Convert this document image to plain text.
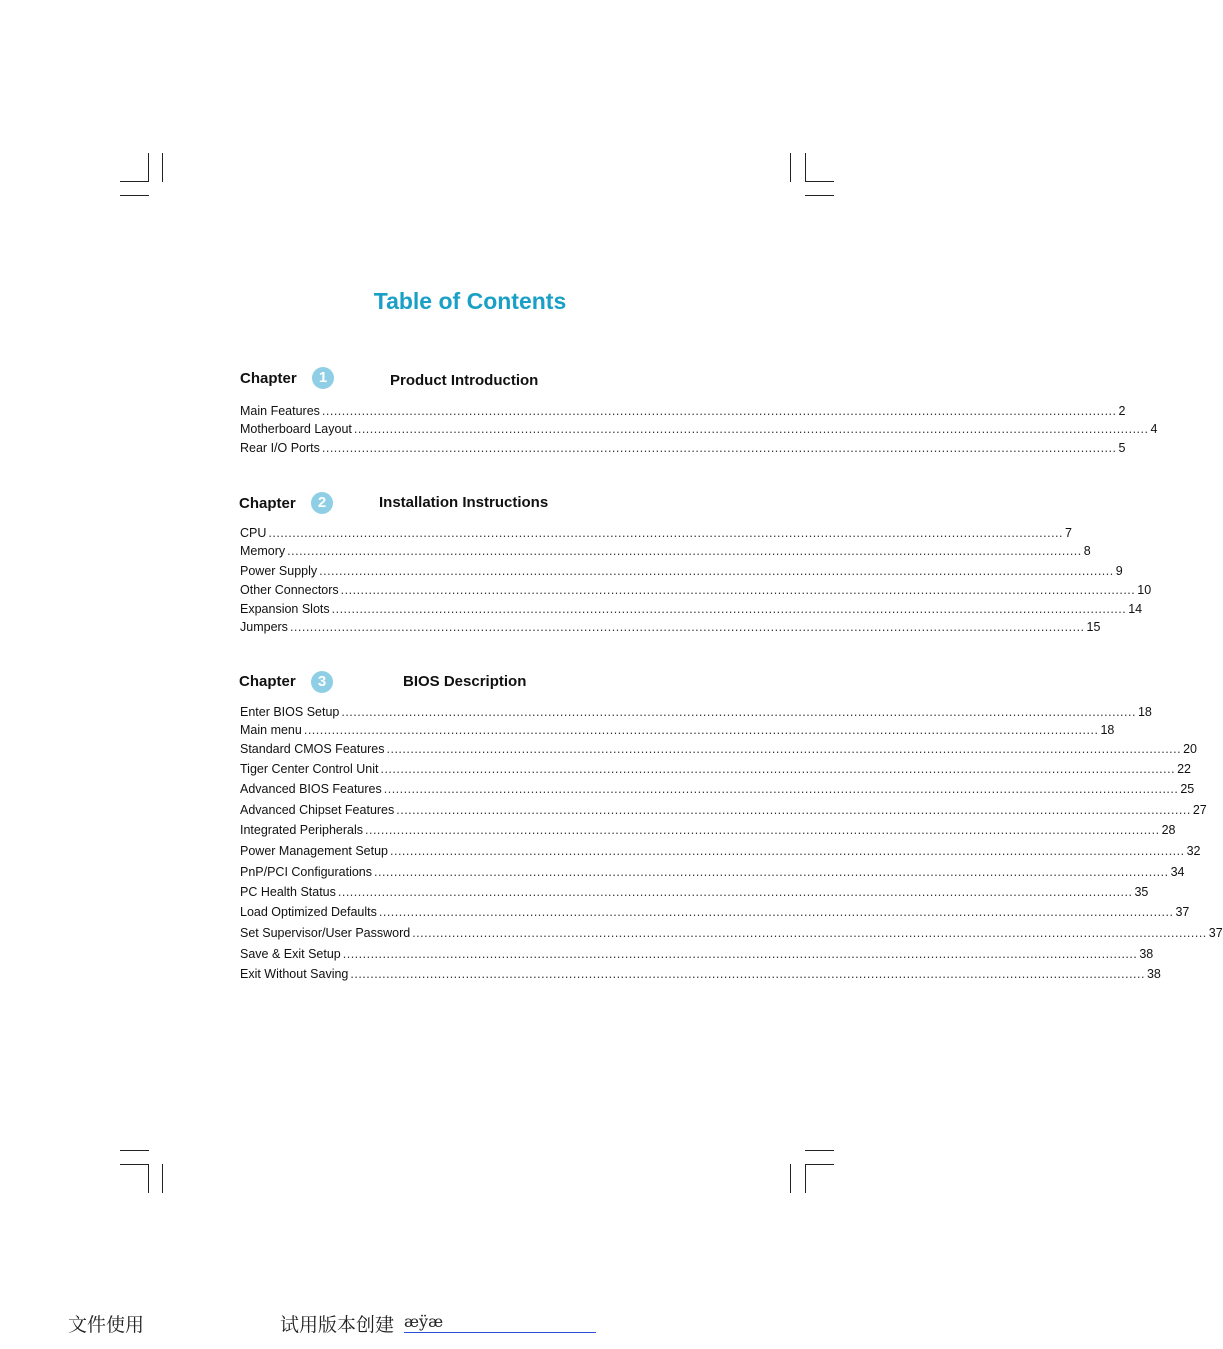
Table of Contents
Chapter	1	Product Introduction
Main Features ........................................................................................................................................................................................................ 2
Motherboard Layout ........................................................................................................................................................................................................ 4
Rear I/O Ports ........................................................................................................................................................................................................ 5
Chapter	2	Installation Instructions
CPU ........................................................................................................................................................................................................ 7
Memory ........................................................................................................................................................................................................ 8
Power Supply ........................................................................................................................................................................................................ 9
Other Connectors ........................................................................................................................................................................................................ 10
Expansion Slots ........................................................................................................................................................................................................ 14
Jumpers ........................................................................................................................................................................................................ 15
Chapter	3	BIOS Description
Enter BIOS Setup ........................................................................................................................................................................................................ 18
Main menu ........................................................................................................................................................................................................ 18
Standard CMOS Features ........................................................................................................................................................................................................ 20
Tiger Center Control Unit ........................................................................................................................................................................................................ 22
Advanced BIOS Features ........................................................................................................................................................................................................ 25
Advanced Chipset Features ........................................................................................................................................................................................................ 27
Integrated Peripherals ........................................................................................................................................................................................................ 28
Power Management Setup ........................................................................................................................................................................................................ 32
PnP/PCI Configurations ........................................................................................................................................................................................................ 34
PC Health Status ........................................................................................................................................................................................................ 35
Load Optimized Defaults ........................................................................................................................................................................................................ 37
Set Supervisor/User Password ........................................................................................................................................................................................................ 37
Save & Exit Setup ........................................................................................................................................................................................................ 38
Exit Without Saving ........................................................................................................................................................................................................ 38
文件使用	试用版本创建 æÿæ
